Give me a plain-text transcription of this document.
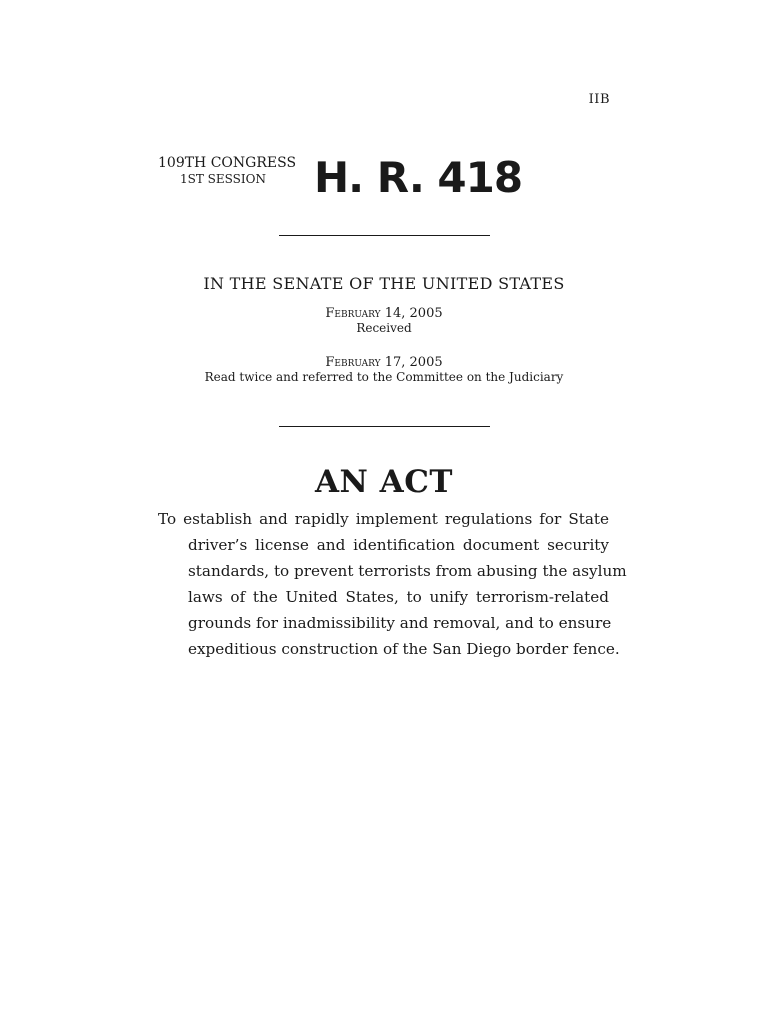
IIB
109TH CONGRESS
1ST SESSION	H. R. 418
IN THE SENATE OF THE UNITED STATES
February 14, 2005
Received
February 17, 2005
Read twice and referred to the Committee on the Judiciary
AN ACT
To establish and rapidly implement regulations for State
driver’s license and identification document security
standards, to prevent terrorists from abusing the asylum
laws of the United States, to unify terrorism-related
grounds for inadmissibility and removal, and to ensure
expeditious construction of the San Diego border fence.
